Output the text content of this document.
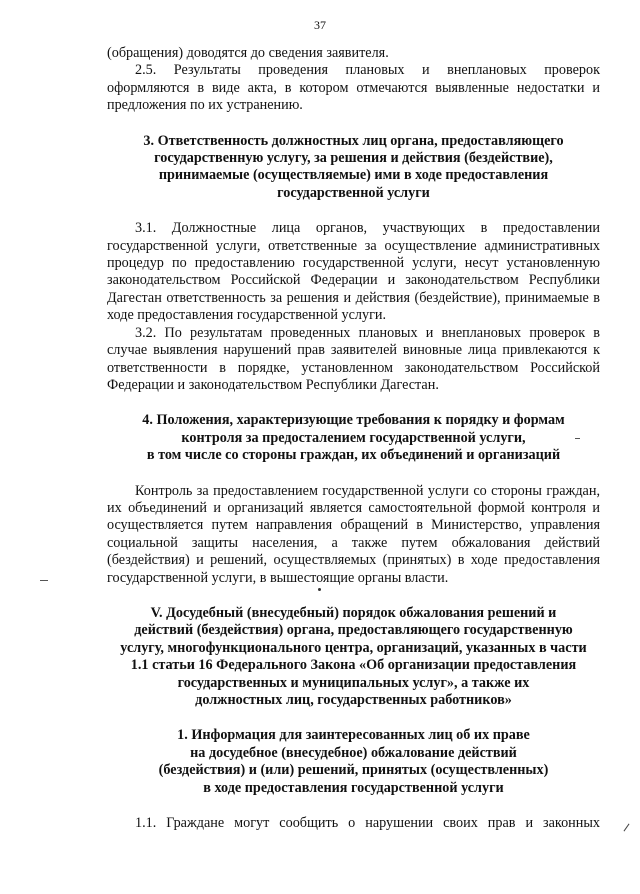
37

(обращения) доводятся до сведения заявителя.

2.5. Результаты проведения плановых и внеплановых проверок оформляются в виде акта, в котором отмечаются выявленные недостатки и предложения по их устранению.

3. Ответственность должностных лиц органа, предоставляющего
государственную услугу, за решения и действия (бездействие),
принимаемые (осуществляемые) ими в ходе предоставления
государственной услуги

3.1. Должностные лица органов, участвующих в предоставлении государственной услуги, ответственные за осуществление административных процедур по предоставлению государственной услуги, несут установленную законодательством Российской Федерации и законодательством Республики Дагестан ответственность за решения и действия (бездействие), принимаемые в ходе предоставления государственной услуги.

3.2. По результатам проведенных плановых и внеплановых проверок в случае выявления нарушений прав заявителей виновные лица привлекаются к ответственности в порядке, установленном законодательством Российской Федерации и законодательством Республики Дагестан.

4. Положения, характеризующие требования к порядку и формам
контроля за предосталением государственной услуги,
в том числе со стороны граждан, их объединений и организаций

Контроль за предоставлением государственной услуги со стороны граждан, их объединений и организаций является самостоятельной формой контроля и осуществляется путем направления обращений в Министерство, управления социальной защиты населения, а также путем обжалования действий (бездействия) и решений, осуществляемых (принятых) в ходе предоставления государственной услуги, в вышестоящие органы власти.

V. Досудебный (внесудебный) порядок обжалования решений и
действий (бездействия) органа, предоставляющего государственную
услугу, многофункционального центра, организаций, указанных в части
1.1 статьи 16 Федерального Закона «Об организации предоставления
государственных и муниципальных услуг», а также их
должностных лиц, государственных работников»
1. Информация для заинтересованных лиц об их праве
на досудебное (внесудебное) обжалование действий
(бездействия) и (или) решений, принятых (осуществленных)
в ходе предоставления государственной услуги

1.1. Граждане могут сообщить о нарушении своих прав и законных
